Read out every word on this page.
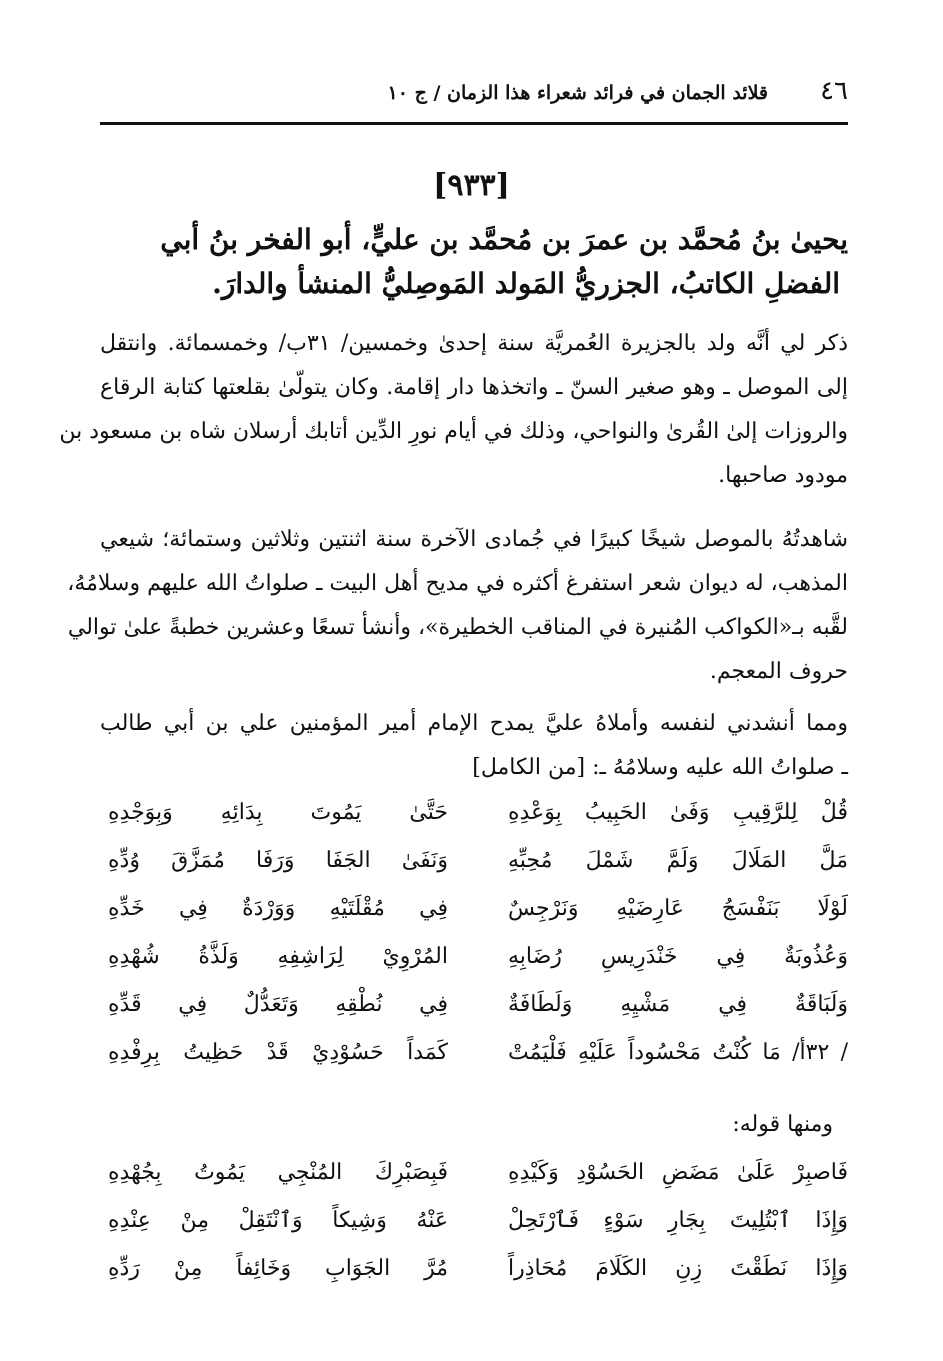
٤٦
قلائد الجمان في فرائد شعراء هذا الزمان / ج ١٠
[٩٣٣]
يحيىٰ بنُ مُحمَّد بن عمرَ بن مُحمَّد بن عليٍّ، أبو الفخر بنُ أبي
الفضلِ الكاتبُ، الجزريُّ المَولد المَوصِليُّ المنشأ والدارَ.
ذكر لي أنَّه ولد بالجزيرة العُمريَّة سنة إحدىٰ وخمسين/ ٣١ب/ وخمسمائة. وانتقل
إلى الموصل ـ وهو صغير السنّ ـ واتخذها دار إقامة. وكان يتولّىٰ بقلعتها كتابة الرقاع
والروزات إلىٰ القُرىٰ والنواحي، وذلك في أيام نورِ الدِّين أتابك أرسلان شاه بن مسعود بن
مودود صاحبها.
شاهدتُهُ بالموصل شيخًا كبيرًا في جُمادى الآخرة سنة اثنتين وثلاثين وستمائة؛ شيعي
المذهب، له ديوان شعر استفرغ أكثره في مديح أهل البيت ـ صلواتُ الله عليهم وسلامُهُ،
لقَّبه بـ«الكواكب المُنيرة في المناقب الخطيرة»، وأنشأ تسعًا وعشرين خطبةً علىٰ توالي
حروف المعجم.
ومما أنشدني لنفسه وأملاهُ عليَّ يمدح الإمام أمير المؤمنين علي بن أبي طالب
ـ صلواتُ الله عليه وسلامُهُ ـ: [من الكامل]
قُلْ لِلرَّقِيبِ وَفَىٰ الحَبِيبُ بِوَعْدِهِ
حَتَّىٰ يَمُوتَ بِدَائِهِ وَبِوَجْدِهِ
مَلَّ المَلَالَ وَلَمَّ شَمْلَ مُحِبِّهِ
وَنَفَىٰ الجَفَا وَرَفَا مُمَزَّقَ وُدِّهِ
لَوْلَا بَنَفْسَجُ عَارِضَيْهِ وَنَرْجِسٌ
فِي مُقْلَتَيْهِ وَوَرْدَةٌ فِي خَدِّهِ
وَعُذُوبَةٌ فِي خَنْدَرِيسِ رُضَابِهِ
المُرْوِيْ لِرَاشِفِهِ وَلَذَّةُ شُهْدِهِ
وَلَبَاقَةٌ فِي مَشْيِهِ وَلَطَافَةٌ
فِي نُطْقِهِ وَتَعَدُّلٌ فِي قَدِّهِ
/ ٣٢أ/ مَا كُنْتُ مَحْسُوداً عَلَيْهِ فَلْيَمُتْ
كَمَداً حَسُوْدِيْ قَدْ حَظِيتُ بِرِفْدِهِ
ومنها قوله:
فَاصبِرْ عَلَىٰ مَضَضِ الحَسُوْدِ وَكَيْدِهِ
فَبِصَبْرِكَ المُنْجِي يَمُوتُ بِجُهْدِهِ
وَإِذَا ٱبْتُلِيتَ بِجَارِ سَوْءٍ فَٱرْتَحِلْ
عَنْهُ وَشِيكاً وَٱنْتَقِلْ مِنْ عِنْدِهِ
وَإِذَا نَطَقْتَ زِنِ الكَلَامَ مُحَاذِراً
مُرَّ الجَوَابِ وَخَائِفاً مِنْ رَدِّهِ
